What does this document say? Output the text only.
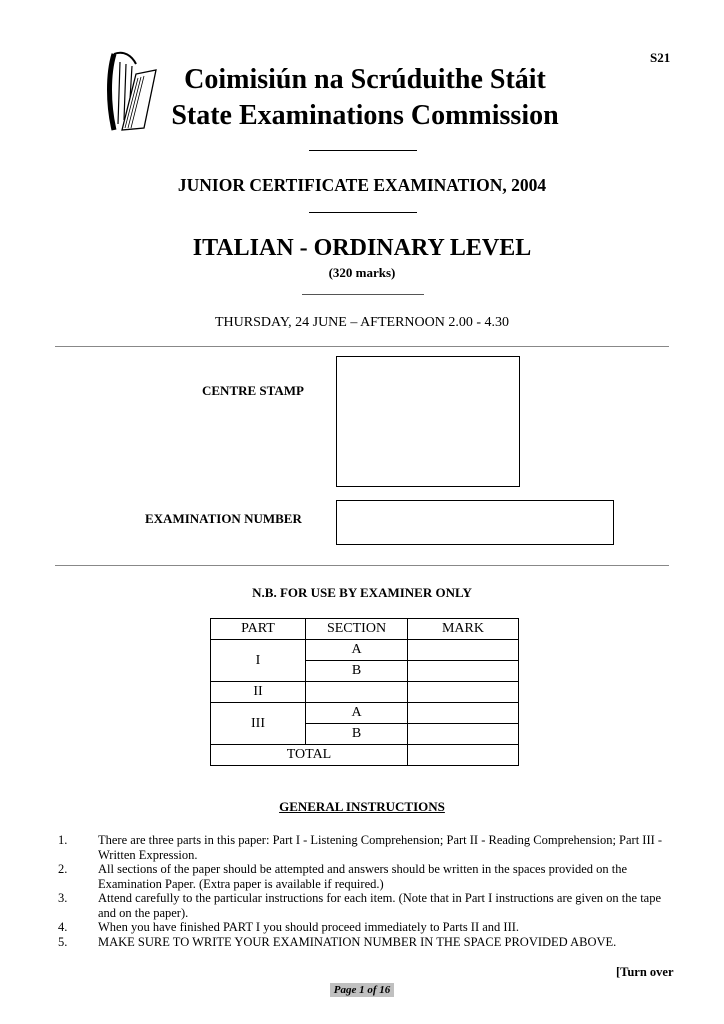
S21
Coimisiún na Scrúduithe Stáit
State Examinations Commission
JUNIOR CERTIFICATE EXAMINATION, 2004
ITALIAN - ORDINARY LEVEL
(320 marks)
THURSDAY, 24 JUNE – AFTERNOON 2.00 - 4.30
CENTRE STAMP
EXAMINATION NUMBER
N.B. FOR USE BY EXAMINER ONLY
PART	SECTION	MARK
I	A	
	B	
II		
III	A	
	B	
TOTAL		
GENERAL INSTRUCTIONS
1.	There are three parts in this paper: Part I - Listening Comprehension; Part II - Reading Comprehension; Part III - Written Expression.
2.	All sections of the paper should be attempted and answers should be written in the spaces provided on the Examination Paper. (Extra paper is available if required.)
3.	Attend carefully to the particular instructions for each item. (Note that in Part I instructions are given on the tape and on the paper).
4.	When you have finished PART I you should proceed immediately to Parts II and III.
5.	MAKE SURE TO WRITE YOUR EXAMINATION NUMBER IN THE SPACE PROVIDED ABOVE.
[Turn over
Page 1 of 16
